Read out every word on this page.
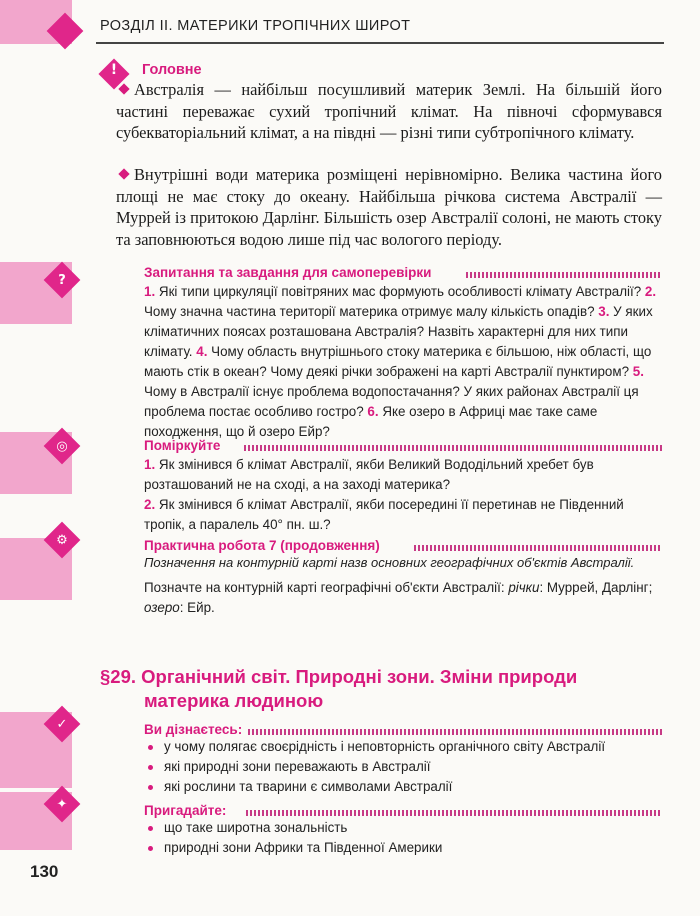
РОЗДІЛ ІІ. МАТЕРИКИ ТРОПІЧНИХ ШИРОТ
!	Головне
Австралія — найбільш посушливий материк Землі. На більшій його частині переважає сухий тропічний клімат. На півночі сформувався субекваторіальний клімат, а на півдні — різні типи субтропічного клімату.
Внутрішні води материка розміщені нерівномірно. Велика частина його площі не має стоку до океану. Найбільша річкова система Австралії — Муррей із притокою Дарлінг. Більшість озер Австралії солоні, не мають стоку та заповнюються водою лише під час вологого періоду.
?	Запитання та завдання для самоперевірки
1. Які типи циркуляції повітряних мас формують особливості клімату Австралії? 2. Чому значна частина території материка отримує малу кількість опадів? 3. У яких кліматичних поясах розташована Австралія? Назвіть характерні для них типи клімату. 4. Чому область внутрішнього стоку материка є більшою, ніж області, що мають стік в океан? Чому деякі річки зображені на карті Австралії пунктиром? 5. Чому в Австралії існує проблема водопостачання? У яких районах Австралії ця проблема постає особливо гостро? 6. Яке озеро в Африці має таке саме походження, що й озеро Ейр?
◎	Поміркуйте
1. Як змінився б клімат Австралії, якби Великий Вододільний хребет був розташований не на сході, а на заході материка?
2. Як змінився б клімат Австралії, якби посередині її перетинав не Південний тропік, а паралель 40° пн. ш.?
⚙	Практична робота 7 (продовження)
Позначення на контурній карті назв основних географічних об'єктів Австралії.
Позначте на контурній карті географічні об'єкти Австралії: річки: Муррей, Дарлінг; озеро: Ейр.
§29. Органічний світ. Природні зони. Зміни природи
материка людиною
✓	Ви дізнаєтесь:
у чому полягає своєрідність і неповторність органічного світу Австралії
які природні зони переважають в Австралії
які рослини та тварини є символами Австралії
✦	Пригадайте:
що таке широтна зональність
природні зони Африки та Південної Америки
130
